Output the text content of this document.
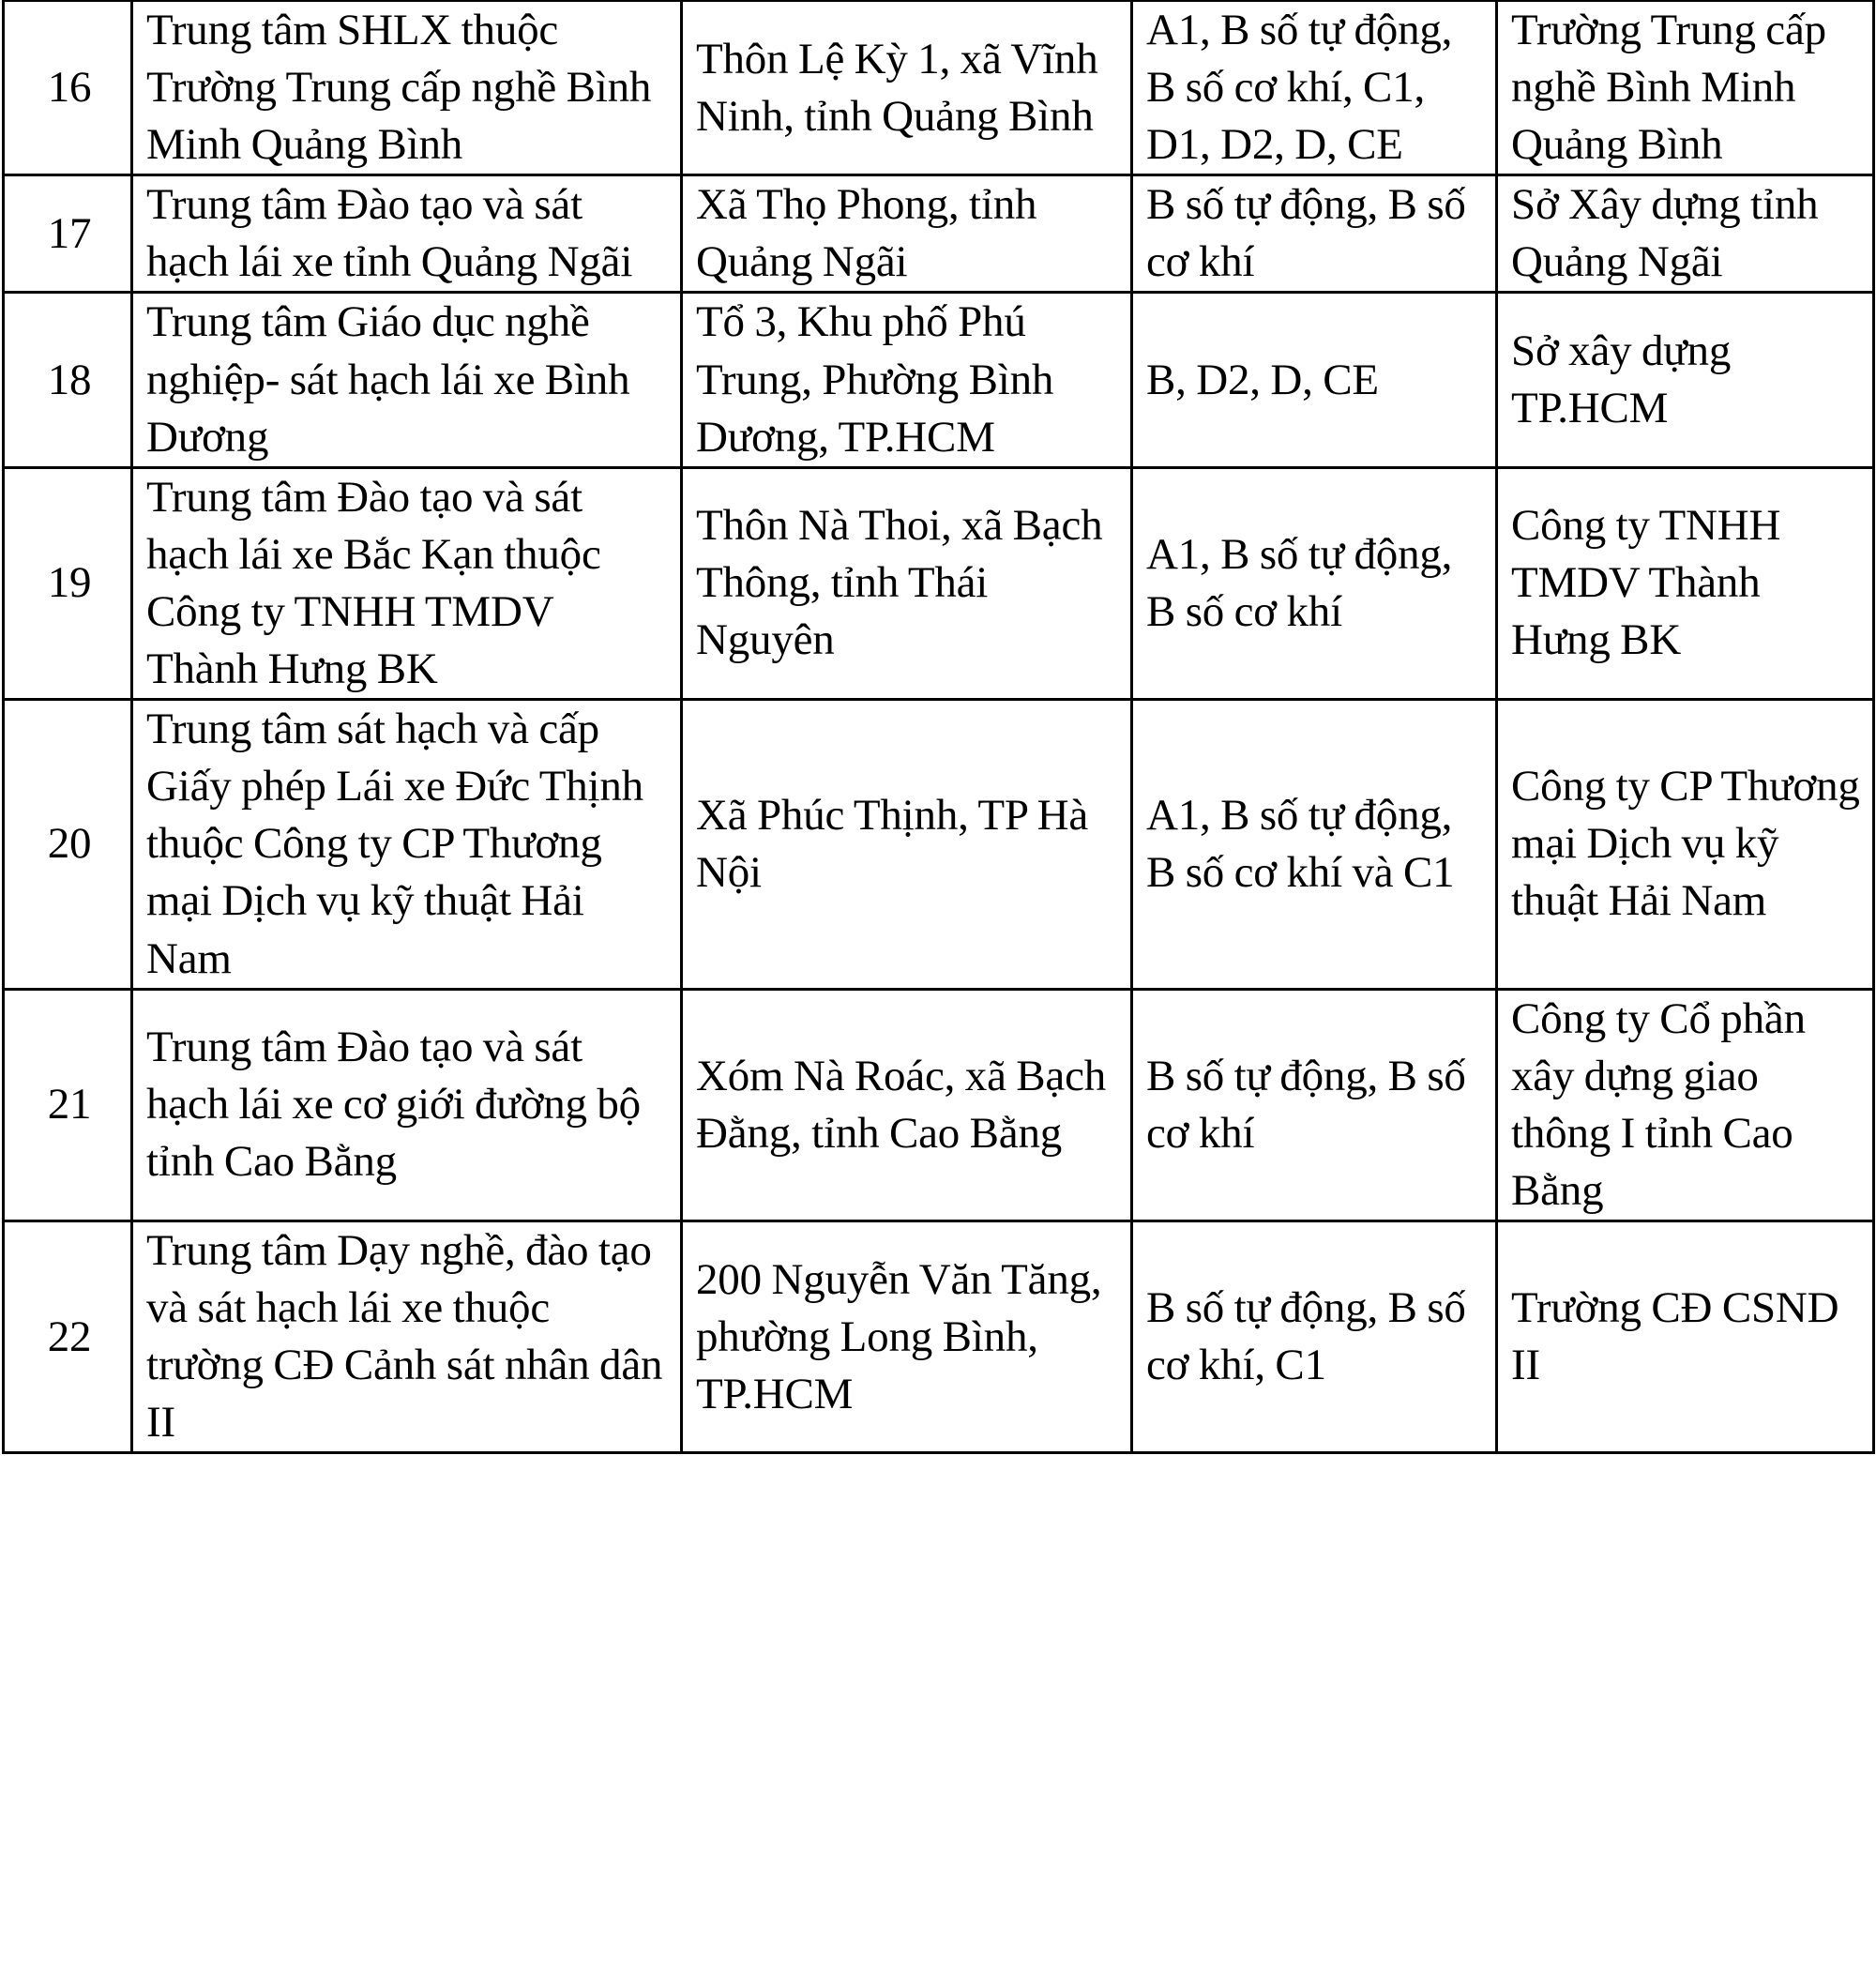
16	Trung tâm SHLX thuộc Trường Trung cấp nghề Bình Minh Quảng Bình	Thôn Lệ Kỳ 1, xã Vĩnh Ninh, tỉnh Quảng Bình	A1, B số tự động, B số cơ khí, C1, D1, D2, D, CE	Trường Trung cấp nghề Bình Minh Quảng Bình
17	Trung tâm Đào tạo và sát hạch lái xe tỉnh Quảng Ngãi	Xã Thọ Phong, tỉnh Quảng Ngãi	B số tự động, B số cơ khí	Sở Xây dựng tỉnh Quảng Ngãi
18	Trung tâm Giáo dục nghề nghiệp- sát hạch lái xe Bình Dương	Tổ 3, Khu phố Phú Trung, Phường Bình Dương, TP.HCM	B, D2, D, CE	Sở xây dựng TP.HCM
19	Trung tâm Đào tạo và sát hạch lái xe Bắc Kạn thuộc Công ty TNHH TMDV Thành Hưng BK	Thôn Nà Thoi, xã Bạch Thông, tỉnh Thái Nguyên	A1, B số tự động, B số cơ khí	Công ty TNHH TMDV Thành Hưng BK
20	Trung tâm sát hạch và cấp Giấy phép Lái xe Đức Thịnh thuộc Công ty CP Thương mại Dịch vụ kỹ thuật Hải Nam	Xã Phúc Thịnh, TP Hà Nội	A1, B số tự động, B số cơ khí và C1	Công ty CP Thương mại Dịch vụ kỹ thuật Hải Nam
21	Trung tâm Đào tạo và sát hạch lái xe cơ giới đường bộ tỉnh Cao Bằng	Xóm Nà Roác, xã Bạch Đằng, tỉnh Cao Bằng	B số tự động, B số cơ khí	Công ty Cổ phần xây dựng giao thông I tỉnh Cao Bằng
22	Trung tâm Dạy nghề, đào tạo và sát hạch lái xe thuộc trường CĐ Cảnh sát nhân dân II	200 Nguyễn Văn Tăng, phường Long Bình, TP.HCM	B số tự động, B số cơ khí, C1	Trường CĐ CSND II
